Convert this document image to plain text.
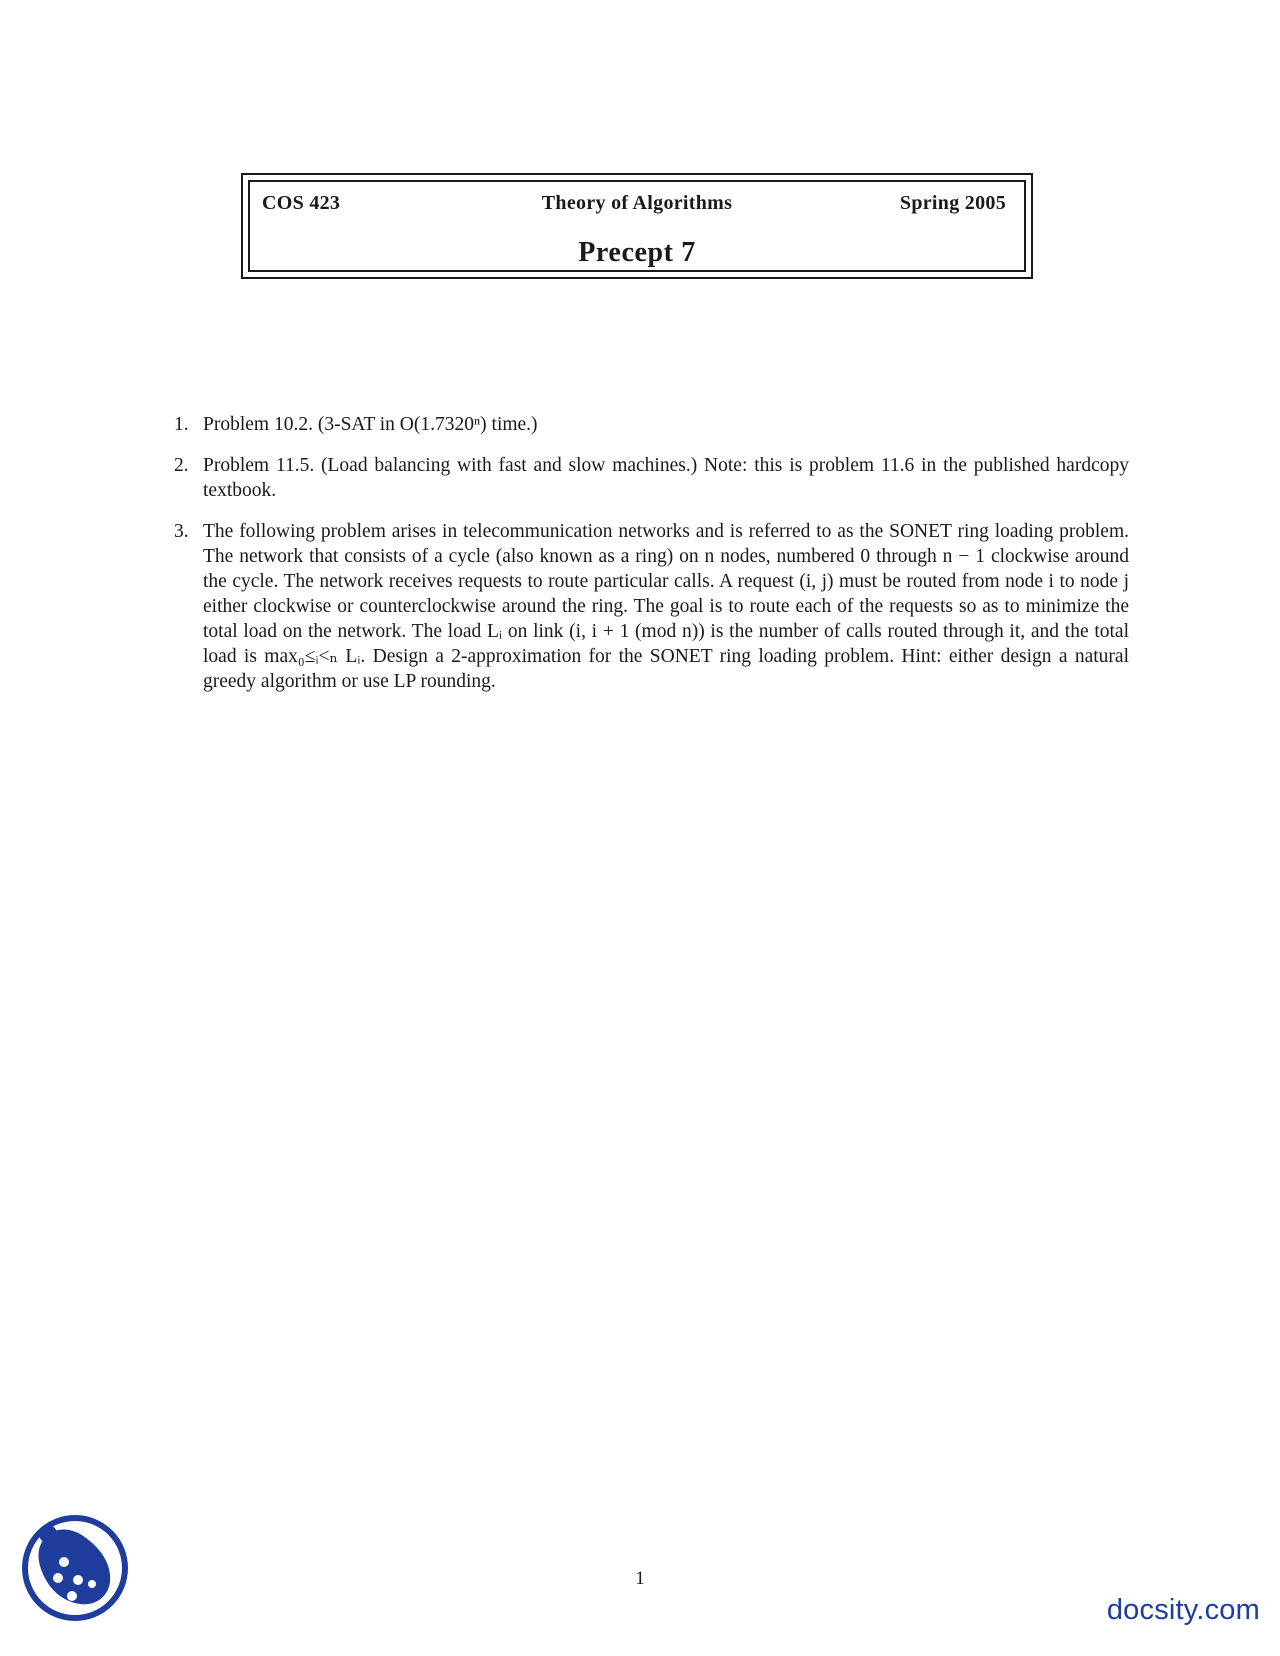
COS 423	Theory of Algorithms	Spring 2005
Precept 7
1. Problem 10.2. (3-SAT in O(1.7320ⁿ) time.)
2. Problem 11.5. (Load balancing with fast and slow machines.) Note: this is problem 11.6 in the published hardcopy textbook.
3. The following problem arises in telecommunication networks and is referred to as the SONET ring loading problem. The network that consists of a cycle (also known as a ring) on n nodes, numbered 0 through n − 1 clockwise around the cycle. The network receives requests to route particular calls. A request (i, j) must be routed from node i to node j either clockwise or counterclockwise around the ring. The goal is to route each of the requests so as to minimize the total load on the network. The load Lᵢ on link (i, i + 1 (mod n)) is the number of calls routed through it, and the total load is max₀≤ᵢ<ₙ Lᵢ. Design a 2-approximation for the SONET ring loading problem. Hint: either design a natural greedy algorithm or use LP rounding.
1
docsity.com
